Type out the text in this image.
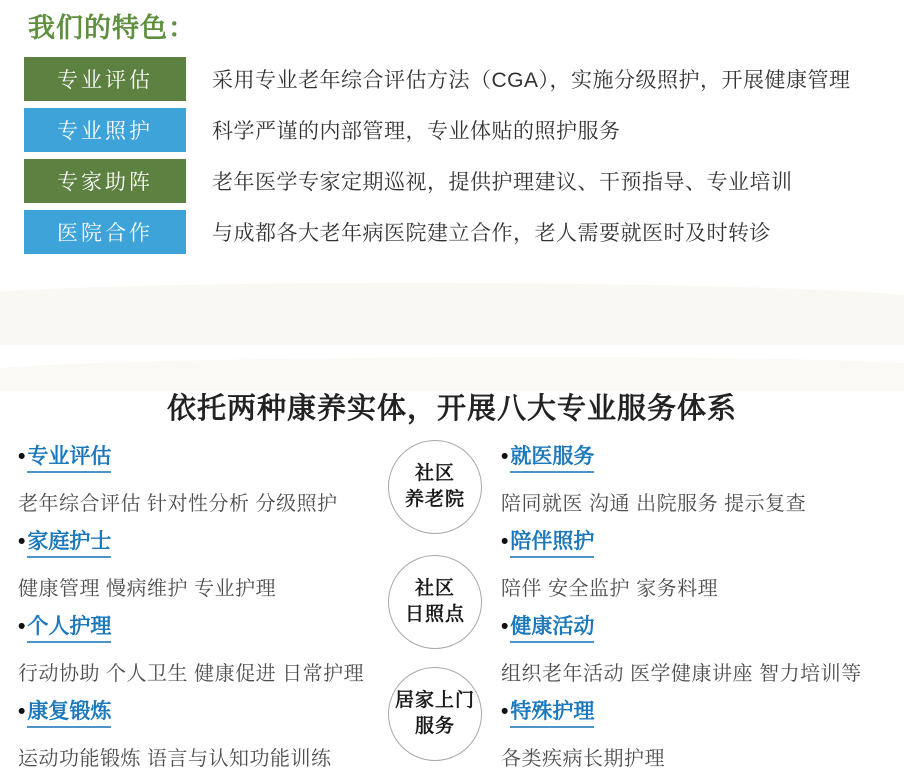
我们的特色：
专业评估	采用专业老年综合评估方法（CGA），实施分级照护，开展健康管理
专业照护	科学严谨的内部管理，专业体贴的照护服务
专家助阵	老年医学专家定期巡视，提供护理建议、干预指导、专业培训
医院合作	与成都各大老年病医院建立合作，老人需要就医时及时转诊
依托两种康养实体，开展八大专业服务体系
•专业评估
老年综合评估 针对性分析 分级照护
•家庭护士
健康管理 慢病维护 专业护理
•个人护理
行动协助 个人卫生 健康促进 日常护理
•康复锻炼
运动功能锻炼 语言与认知功能训练
社区
养老院
社区
日照点
居家上门
服务
•就医服务
陪同就医 沟通 出院服务 提示复查
•陪伴照护
陪伴 安全监护 家务料理
•健康活动
组织老年活动 医学健康讲座 智力培训等
•特殊护理
各类疾病长期护理
